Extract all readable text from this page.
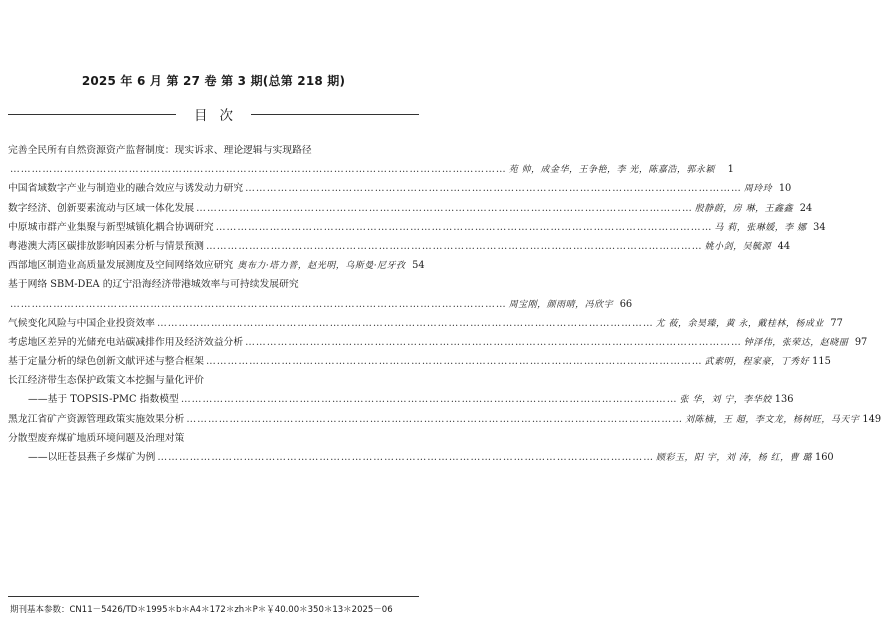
2025 年 6 月 第 27 卷 第 3 期(总第 218 期)
目次
完善全民所有自然资源资产监督制度：现实诉求、理论逻辑与实现路径
………………………………………………………………………………………………………………………… 苑 帅，成金华，王争艳，李 光，陈嘉浩，郭永颖	1
中国省域数字产业与制造业的融合效应与诱发动力研究 ………………………………………………………………………………………………………………………… 周玲玲 10
数字经济、创新要素流动与区域一体化发展 ………………………………………………………………………………………………………………………… 殷静蔚，房 琳，王鑫鑫 24
中原城市群产业集聚与新型城镇化耦合协调研究 ………………………………………………………………………………………………………………………… 马 莉，张琳媛，李 娜 34
粤港澳大湾区碳排放影响因素分析与情景预测 ………………………………………………………………………………………………………………………… 姚小剑，吴毓源 44
西部地区制造业高质量发展测度及空间网络效应研究 奥布力·塔力普，赵光明，乌斯曼·尼牙孜 54
基于网络 SBM-DEA 的辽宁沿海经济带港城效率与可持续发展研究
………………………………………………………………………………………………………………………… 周宝刚，颜雨晴，冯欣宇 66
气候变化风险与中国企业投资效率 ………………………………………………………………………………………………………………………… 尤 莜，余昊臻，黄 永，戴桂林，杨成业 77
考虑地区差异的光储充电站碳减排作用及经济效益分析 ………………………………………………………………………………………………………………………… 钟泽伟，张荣达，赵晓丽 97
基于定量分析的绿色创新文献评述与整合框架 ………………………………………………………………………………………………………………………… 武素明，程家豪，丁秀好 115
长江经济带生态保护政策文本挖掘与量化评价
——基于 TOPSIS-PMC 指数模型 ………………………………………………………………………………………………………………………… 张 华，刘 宁，李华姣 136
黑龙江省矿产资源管理政策实施效果分析 ………………………………………………………………………………………………………………………… 刘陈楠，王 超，李文龙，杨树旺，马天宇 149
分散型废弃煤矿地质环境问题及治理对策
——以旺苍县燕子乡煤矿为例 ………………………………………………………………………………………………………………………… 顾彩玉，阳 宇，刘 涛，杨 红，曹 璐 160
期刊基本参数：CN11－5426/TD＊1995＊b＊A4＊172＊zh＊P＊￥40.00＊350＊13＊2025－06
